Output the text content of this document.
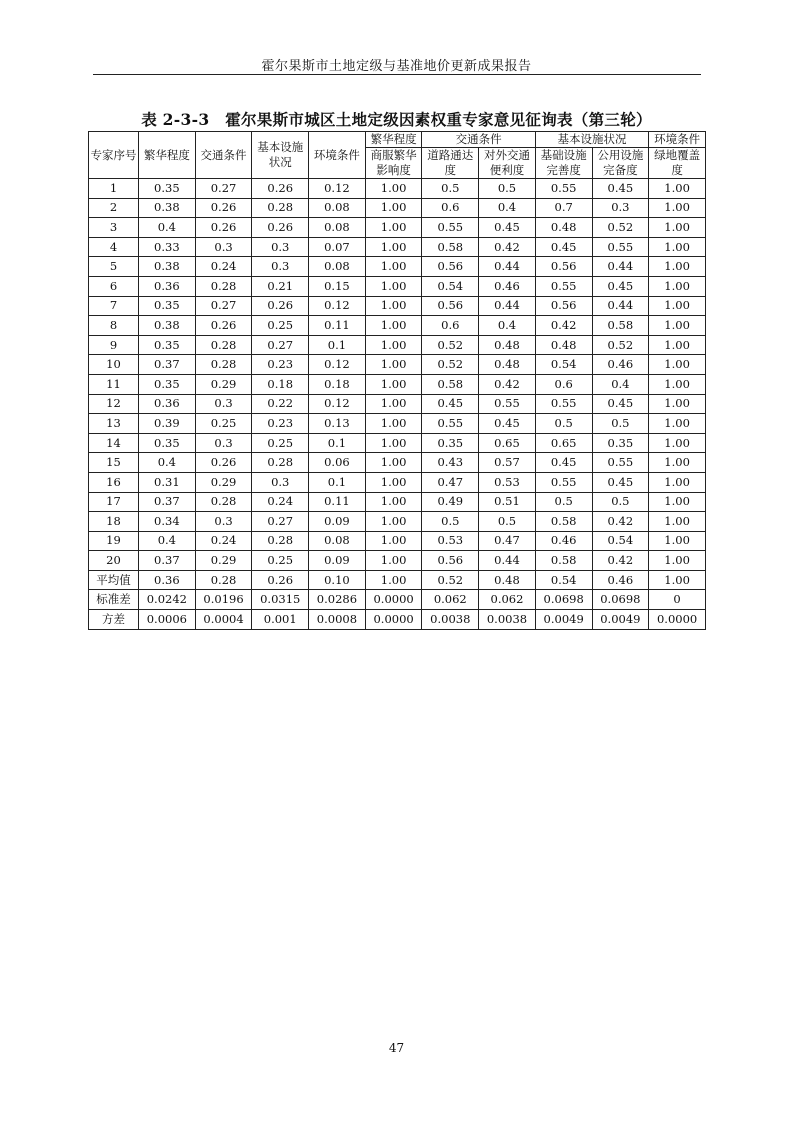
霍尔果斯市土地定级与基准地价更新成果报告
表 2-3-3　霍尔果斯市城区土地定级因素权重专家意见征询表（第三轮）
专家序号	繁华程度	交通条件	基本设施状况	环境条件	繁华程度	交通条件		基本设施状况		环境条件
					商服繁华影响度	道路通达度	对外交通便利度	基础设施完善度	公用设施完备度	绿地覆盖度
1	0.35	0.27	0.26	0.12	1.00	0.5	0.5	0.55	0.45	1.00
2	0.38	0.26	0.28	0.08	1.00	0.6	0.4	0.7	0.3	1.00
3	0.4	0.26	0.26	0.08	1.00	0.55	0.45	0.48	0.52	1.00
4	0.33	0.3	0.3	0.07	1.00	0.58	0.42	0.45	0.55	1.00
5	0.38	0.24	0.3	0.08	1.00	0.56	0.44	0.56	0.44	1.00
6	0.36	0.28	0.21	0.15	1.00	0.54	0.46	0.55	0.45	1.00
7	0.35	0.27	0.26	0.12	1.00	0.56	0.44	0.56	0.44	1.00
8	0.38	0.26	0.25	0.11	1.00	0.6	0.4	0.42	0.58	1.00
9	0.35	0.28	0.27	0.1	1.00	0.52	0.48	0.48	0.52	1.00
10	0.37	0.28	0.23	0.12	1.00	0.52	0.48	0.54	0.46	1.00
11	0.35	0.29	0.18	0.18	1.00	0.58	0.42	0.6	0.4	1.00
12	0.36	0.3	0.22	0.12	1.00	0.45	0.55	0.55	0.45	1.00
13	0.39	0.25	0.23	0.13	1.00	0.55	0.45	0.5	0.5	1.00
14	0.35	0.3	0.25	0.1	1.00	0.35	0.65	0.65	0.35	1.00
15	0.4	0.26	0.28	0.06	1.00	0.43	0.57	0.45	0.55	1.00
16	0.31	0.29	0.3	0.1	1.00	0.47	0.53	0.55	0.45	1.00
17	0.37	0.28	0.24	0.11	1.00	0.49	0.51	0.5	0.5	1.00
18	0.34	0.3	0.27	0.09	1.00	0.5	0.5	0.58	0.42	1.00
19	0.4	0.24	0.28	0.08	1.00	0.53	0.47	0.46	0.54	1.00
20	0.37	0.29	0.25	0.09	1.00	0.56	0.44	0.58	0.42	1.00
平均值	0.36	0.28	0.26	0.10	1.00	0.52	0.48	0.54	0.46	1.00
标准差	0.0242	0.0196	0.0315	0.0286	0.0000	0.062	0.062	0.0698	0.0698	0
方差	0.0006	0.0004	0.001	0.0008	0.0000	0.0038	0.0038	0.0049	0.0049	0.0000
47
